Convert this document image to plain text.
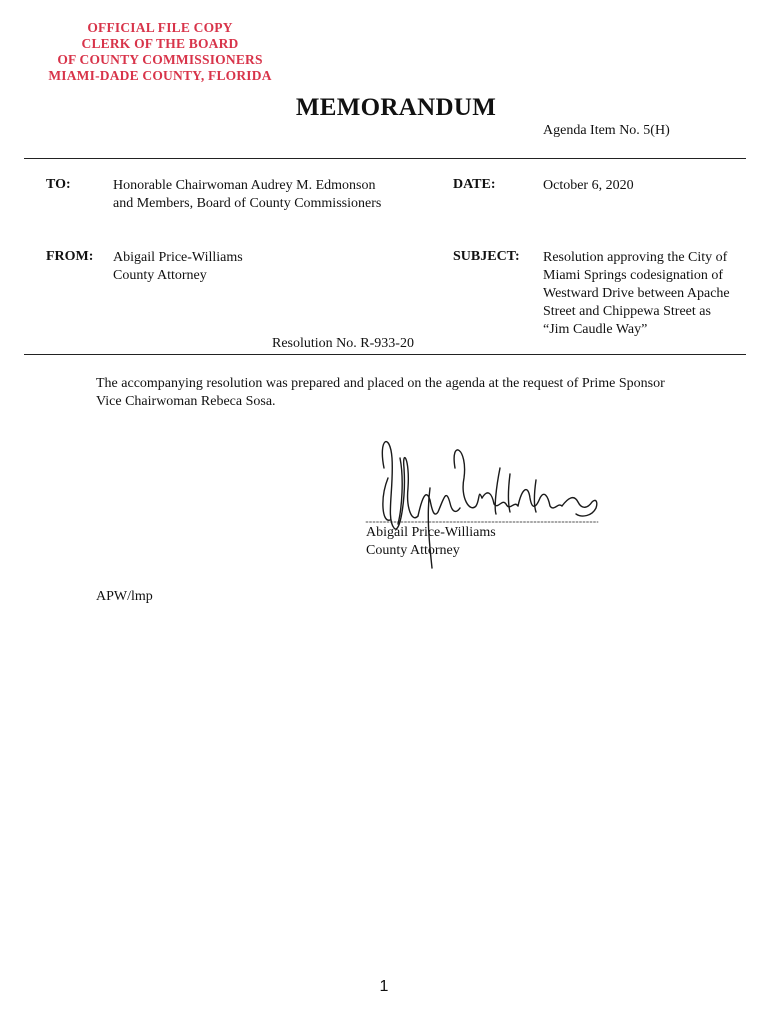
OFFICIAL FILE COPY
CLERK OF THE BOARD
OF COUNTY COMMISSIONERS
MIAMI-DADE COUNTY, FLORIDA
MEMORANDUM
Agenda Item No. 5(H)
TO:	Honorable Chairwoman Audrey M. Edmonson
and Members, Board of County Commissioners
DATE:	October 6, 2020
FROM: Abigail Price-Williams
County Attorney
SUBJECT: Resolution approving the City of
Miami Springs codesignation of
Westward Drive between Apache
Street and Chippewa Street as
“Jim Caudle Way”
Resolution No. R-933-20
The accompanying resolution was prepared and placed on the agenda at the request of Prime Sponsor
Vice Chairwoman Rebeca Sosa.
Abigail Price-Williams
County Attorney
APW/lmp
1
